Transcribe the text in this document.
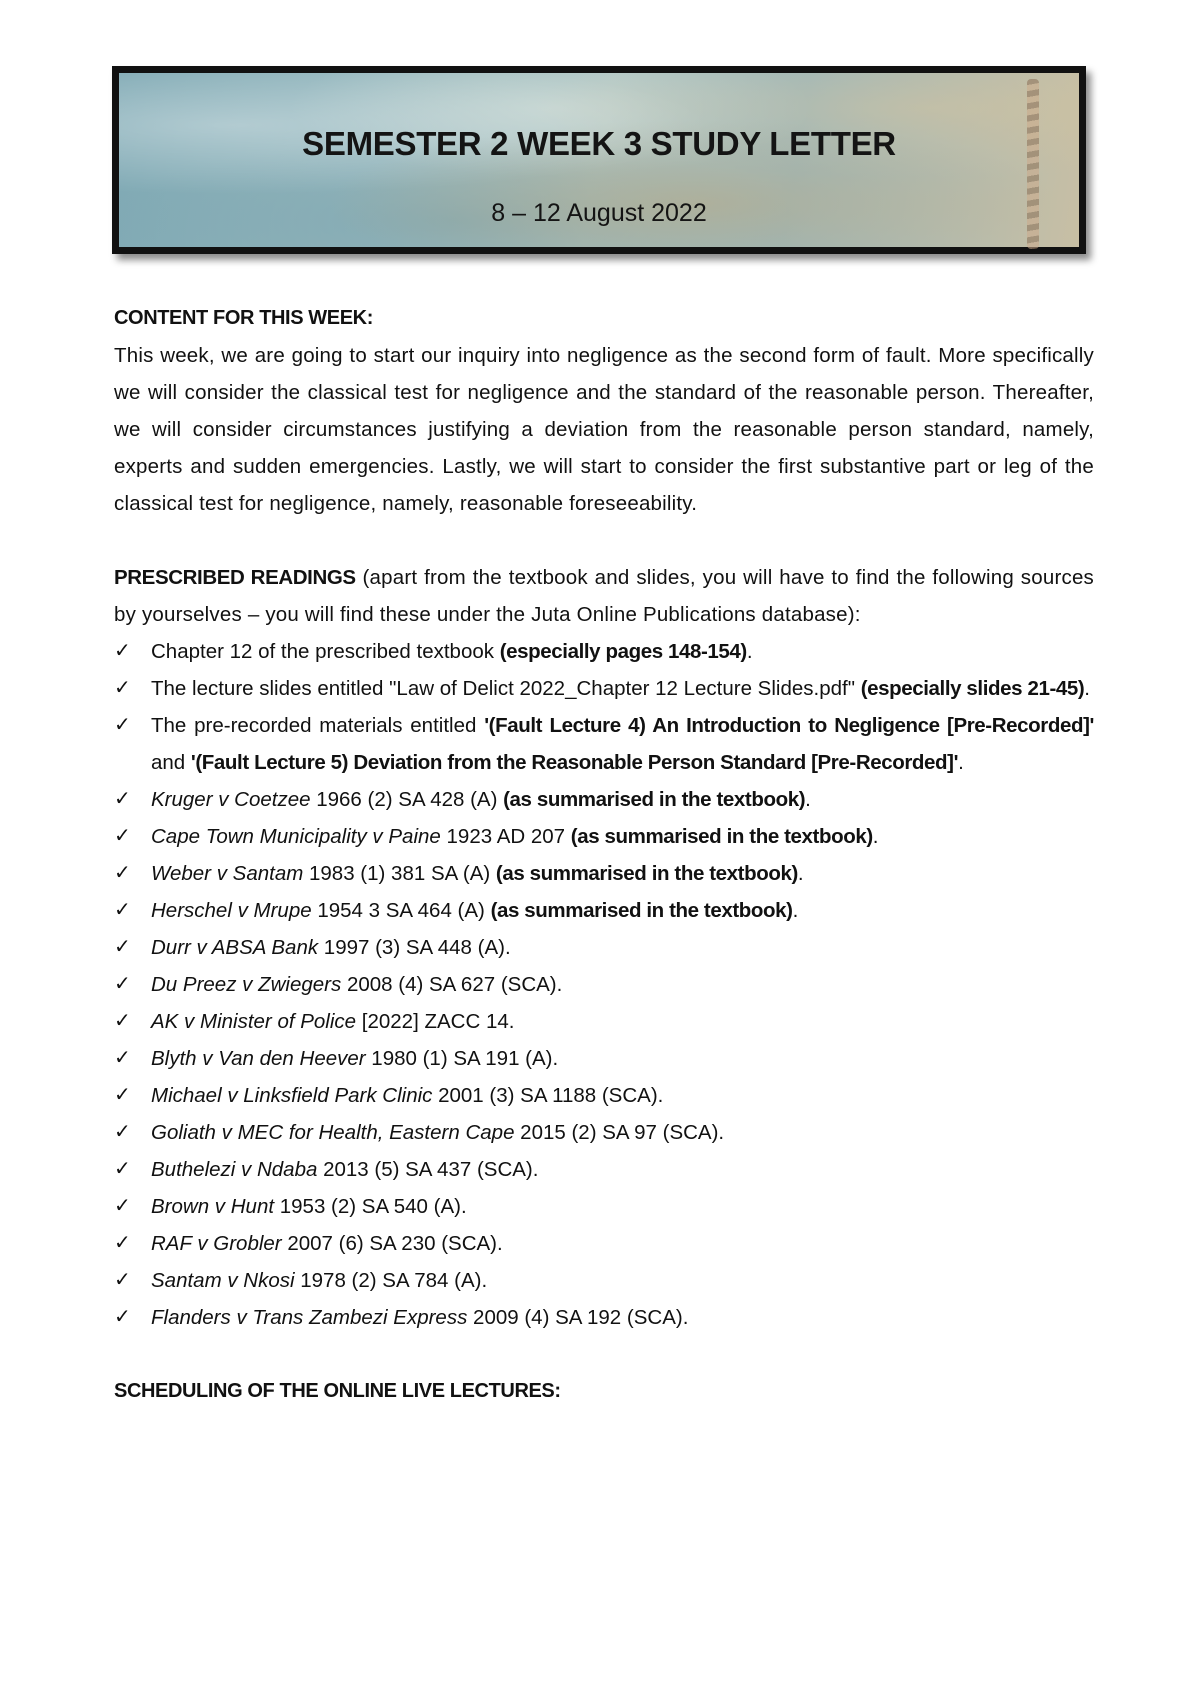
SEMESTER 2 WEEK 3 STUDY LETTER
8 – 12 August 2022
CONTENT FOR THIS WEEK:

This week, we are going to start our inquiry into negligence as the second form of fault. More specifically we will consider the classical test for negligence and the standard of the reasonable person. Thereafter, we will consider circumstances justifying a deviation from the reasonable person standard, namely, experts and sudden emergencies. Lastly, we will start to consider the first substantive part or leg of the classical test for negligence, namely, reasonable foreseeability.

PRESCRIBED READINGS (apart from the textbook and slides, you will have to find the following sources by yourselves – you will find these under the Juta Online Publications database):

✓ Chapter 12 of the prescribed textbook (especially pages 148-154).
✓ The lecture slides entitled "Law of Delict 2022_Chapter 12 Lecture Slides.pdf" (especially slides 21-45).
✓ The pre-recorded materials entitled '(Fault Lecture 4) An Introduction to Negligence [Pre-Recorded]' and '(Fault Lecture 5) Deviation from the Reasonable Person Standard [Pre-Recorded]'.
✓ Kruger v Coetzee 1966 (2) SA 428 (A) (as summarised in the textbook).
✓ Cape Town Municipality v Paine 1923 AD 207 (as summarised in the textbook).
✓ Weber v Santam 1983 (1) 381 SA (A) (as summarised in the textbook).
✓ Herschel v Mrupe 1954 3 SA 464 (A) (as summarised in the textbook).
✓ Durr v ABSA Bank 1997 (3) SA 448 (A).
✓ Du Preez v Zwiegers 2008 (4) SA 627 (SCA).
✓ AK v Minister of Police [2022] ZACC 14.
✓ Blyth v Van den Heever 1980 (1) SA 191 (A).
✓ Michael v Linksfield Park Clinic 2001 (3) SA 1188 (SCA).
✓ Goliath v MEC for Health, Eastern Cape 2015 (2) SA 97 (SCA).
✓ Buthelezi v Ndaba 2013 (5) SA 437 (SCA).
✓ Brown v Hunt 1953 (2) SA 540 (A).
✓ RAF v Grobler 2007 (6) SA 230 (SCA).
✓ Santam v Nkosi 1978 (2) SA 784 (A).
✓ Flanders v Trans Zambezi Express 2009 (4) SA 192 (SCA).
SCHEDULING OF THE ONLINE LIVE LECTURES:
